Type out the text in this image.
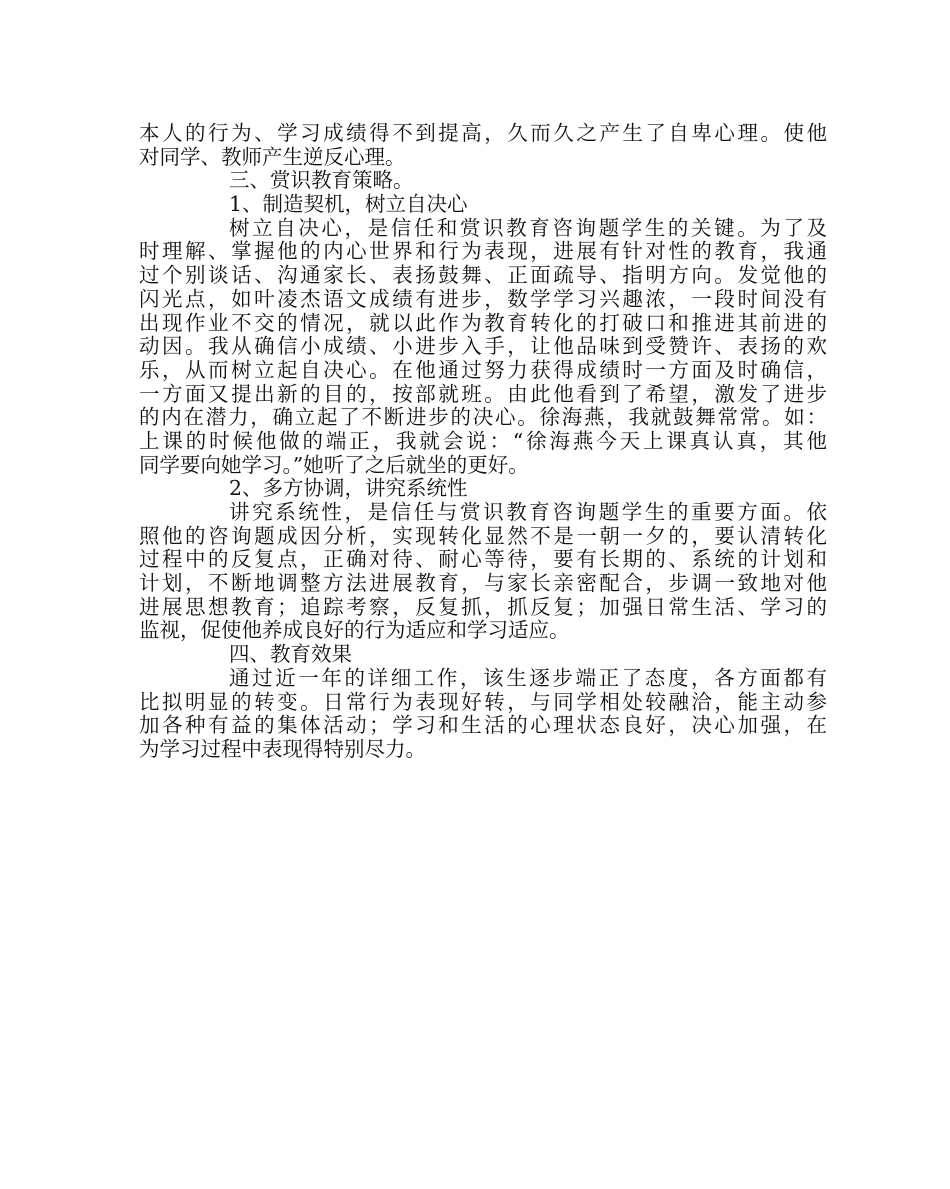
本人的行为、学习成绩得不到提高，久而久之产生了自卑心理。使他
对同学、教师产生逆反心理。
三、赏识教育策略。
1、制造契机，树立自决心
树立自决心，是信任和赏识教育咨询题学生的关键。为了及
时理解、掌握他的内心世界和行为表现，进展有针对性的教育，我通
过个别谈话、沟通家长、表扬鼓舞、正面疏导、指明方向。发觉他的
闪光点，如叶凌杰语文成绩有进步，数学学习兴趣浓，一段时间没有
出现作业不交的情况，就以此作为教育转化的打破口和推进其前进的
动因。我从确信小成绩、小进步入手，让他品味到受赞许、表扬的欢
乐，从而树立起自决心。在他通过努力获得成绩时一方面及时确信，
一方面又提出新的目的，按部就班。由此他看到了希望，激发了进步
的内在潜力，确立起了不断进步的决心。徐海燕，我就鼓舞常常。如：
上课的时候他做的端正，我就会说：“徐海燕今天上课真认真，其他
同学要向她学习。”她听了之后就坐的更好。
2、多方协调，讲究系统性
讲究系统性，是信任与赏识教育咨询题学生的重要方面。依
照他的咨询题成因分析，实现转化显然不是一朝一夕的，要认清转化
过程中的反复点，正确对待、耐心等待，要有长期的、系统的计划和
计划，不断地调整方法进展教育，与家长亲密配合，步调一致地对他
进展思想教育；追踪考察，反复抓，抓反复；加强日常生活、学习的
监视，促使他养成良好的行为适应和学习适应。
四、教育效果
通过近一年的详细工作，该生逐步端正了态度，各方面都有
比拟明显的转变。日常行为表现好转，与同学相处较融洽，能主动参
加各种有益的集体活动；学习和生活的心理状态良好，决心加强，在
为学习过程中表现得特别尽力。
